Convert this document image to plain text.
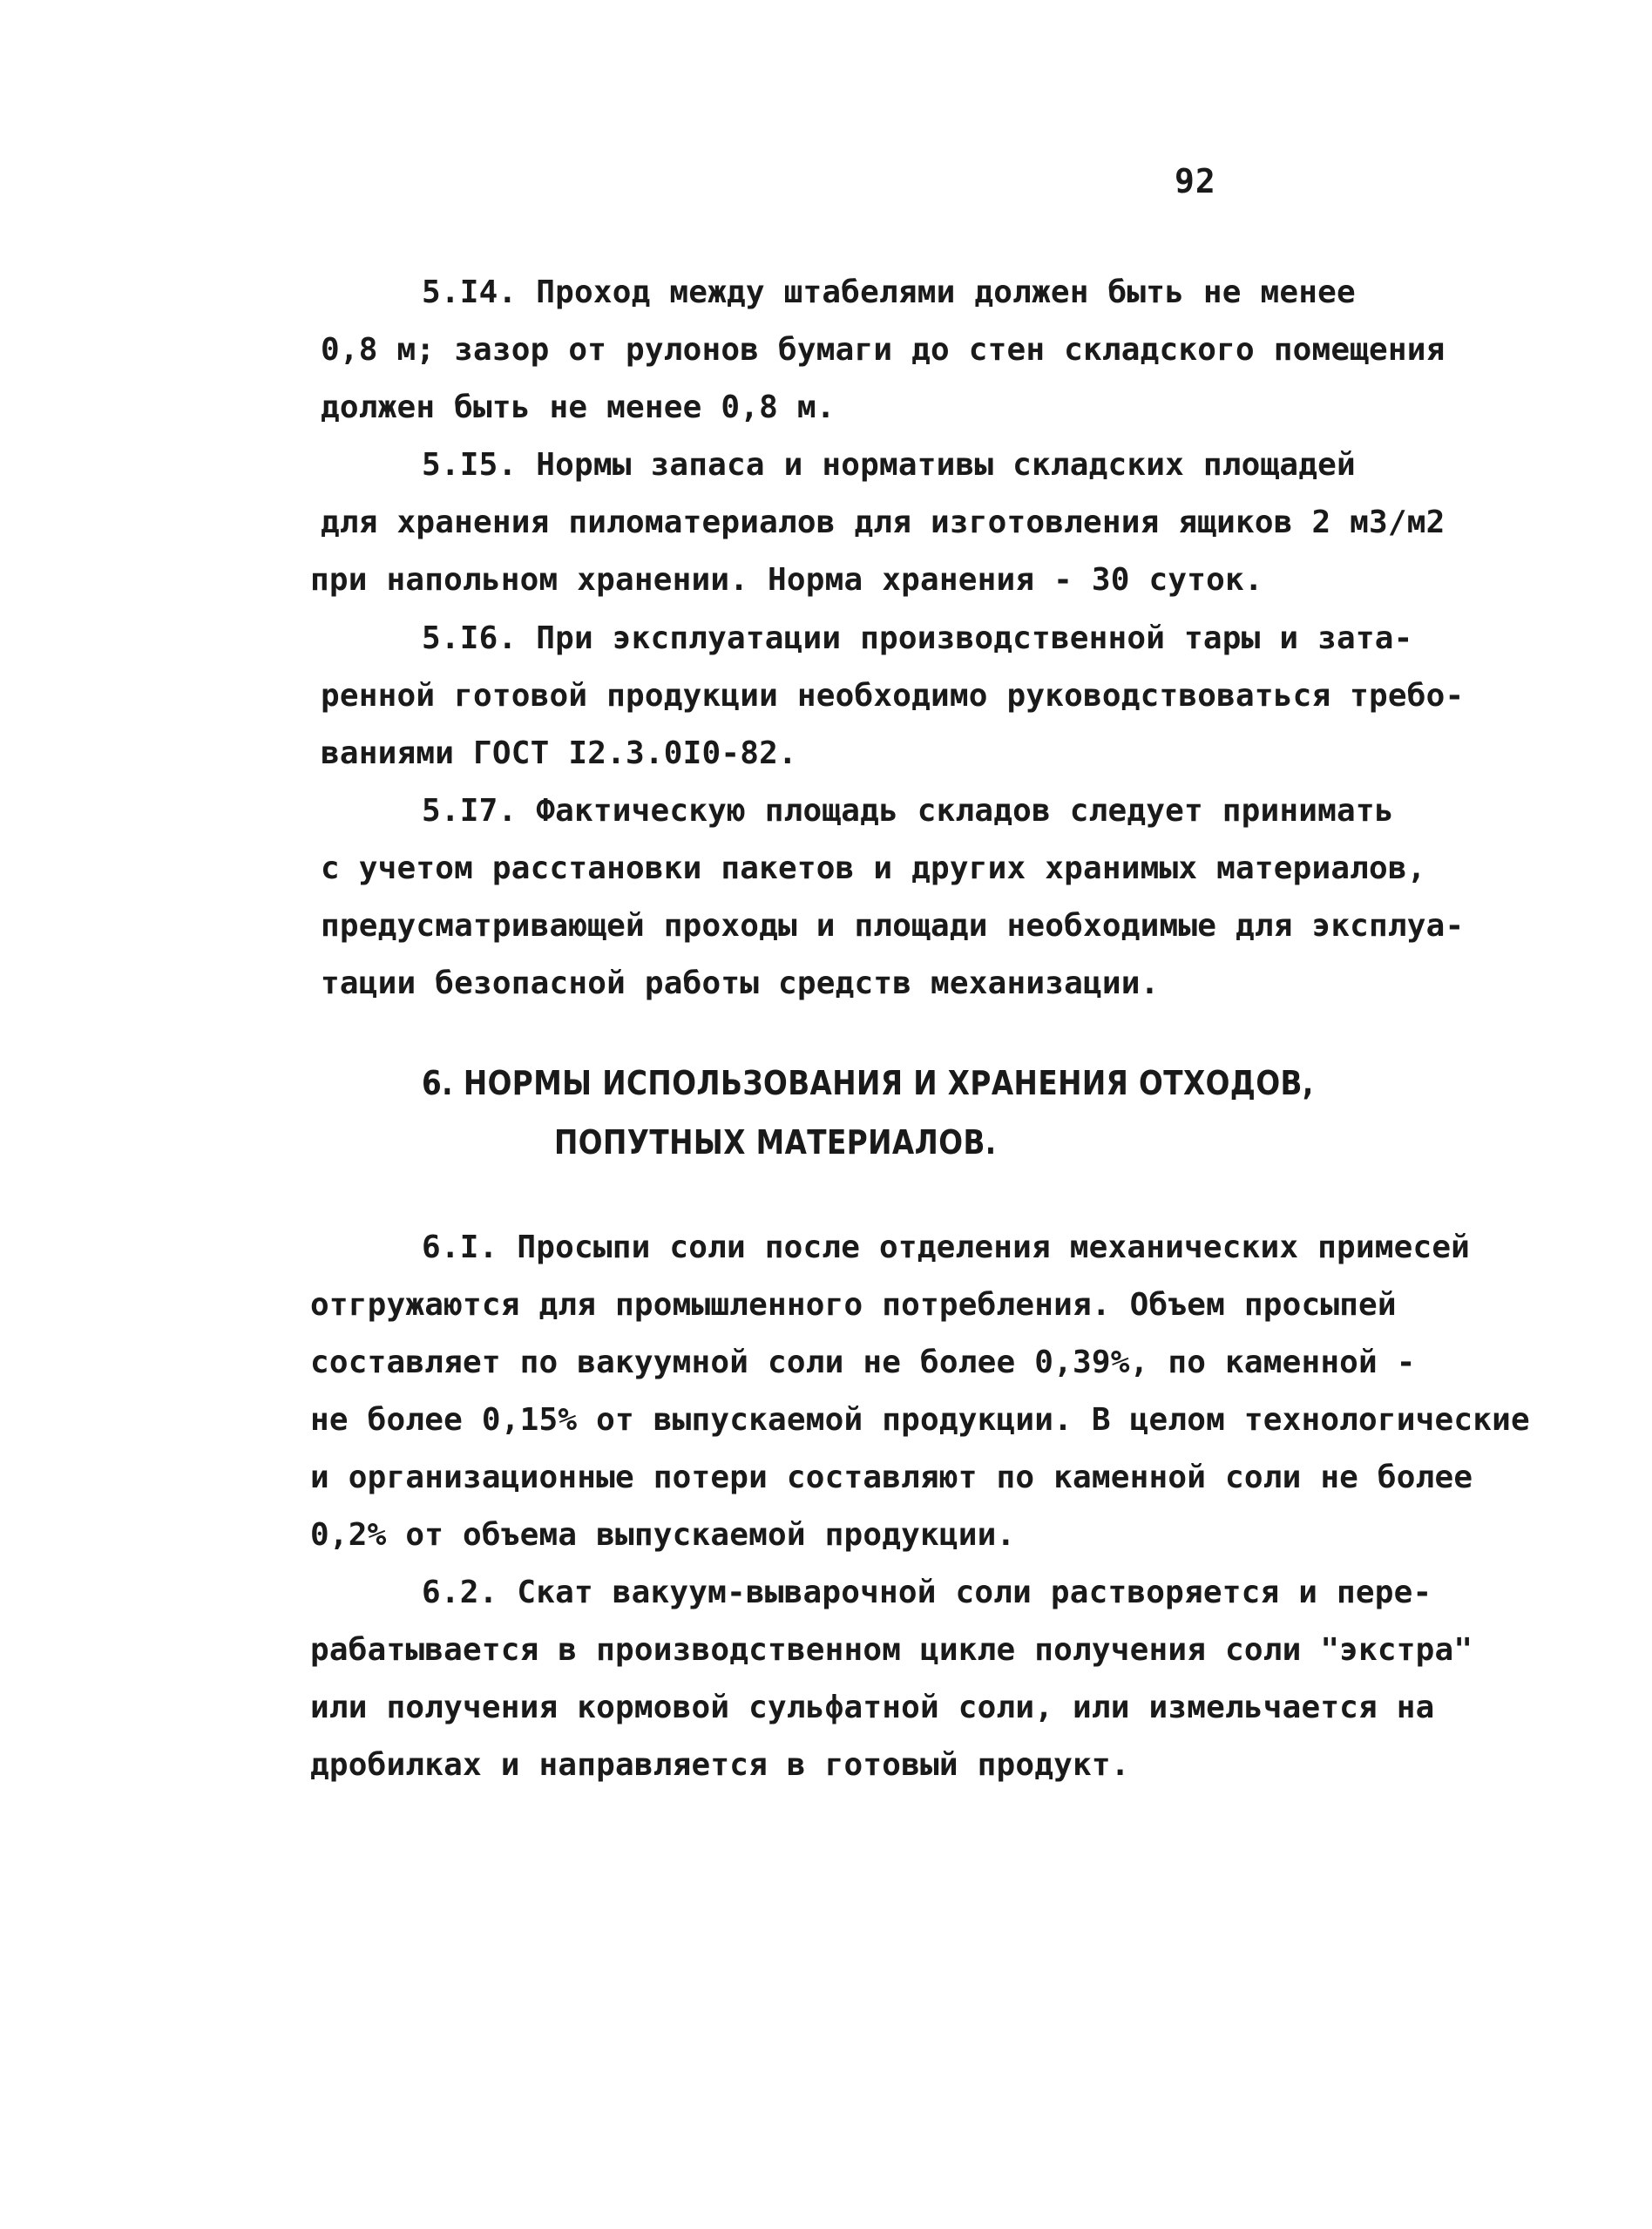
92
5.I4. Проход между штабелями должен быть не менее
0,8 м; зазор от рулонов бумаги до стен складского помещения
должен быть не менее 0,8 м.
5.I5. Нормы запаса и нормативы складских площадей
для хранения пиломатериалов для изготовления ящиков 2 м3/м2
при напольном хранении. Норма хранения - 30 суток.
5.I6. При эксплуатации производственной тары и зата-
ренной готовой продукции необходимо руководствоваться требо-
ваниями ГОСТ I2.3.0I0-82.
5.I7. Фактическую площадь складов следует принимать
с учетом расстановки пакетов и других хранимых материалов,
предусматривающей проходы и площади необходимые для эксплуа-
тации безопасной работы средств механизации.
6. НОРМЫ ИСПОЛЬЗОВАНИЯ И ХРАНЕНИЯ ОТХОДОВ,
ПОПУТНЫХ МАТЕРИАЛОВ.
6.I. Просыпи соли после отделения механических примесей
отгружаются для промышленного потребления. Объем просыпей
составляет по вакуумной соли не более 0,39%, по каменной -
не более 0,15% от выпускаемой продукции. В целом технологические
и организационные потери составляют по каменной соли не более
0,2% от объема выпускаемой продукции.
6.2. Скат вакуум-выварочной соли растворяется и пере-
рабатывается в производственном цикле получения соли "экстра"
или получения кормовой сульфатной соли, или измельчается на
дробилках и направляется в готовый продукт.
